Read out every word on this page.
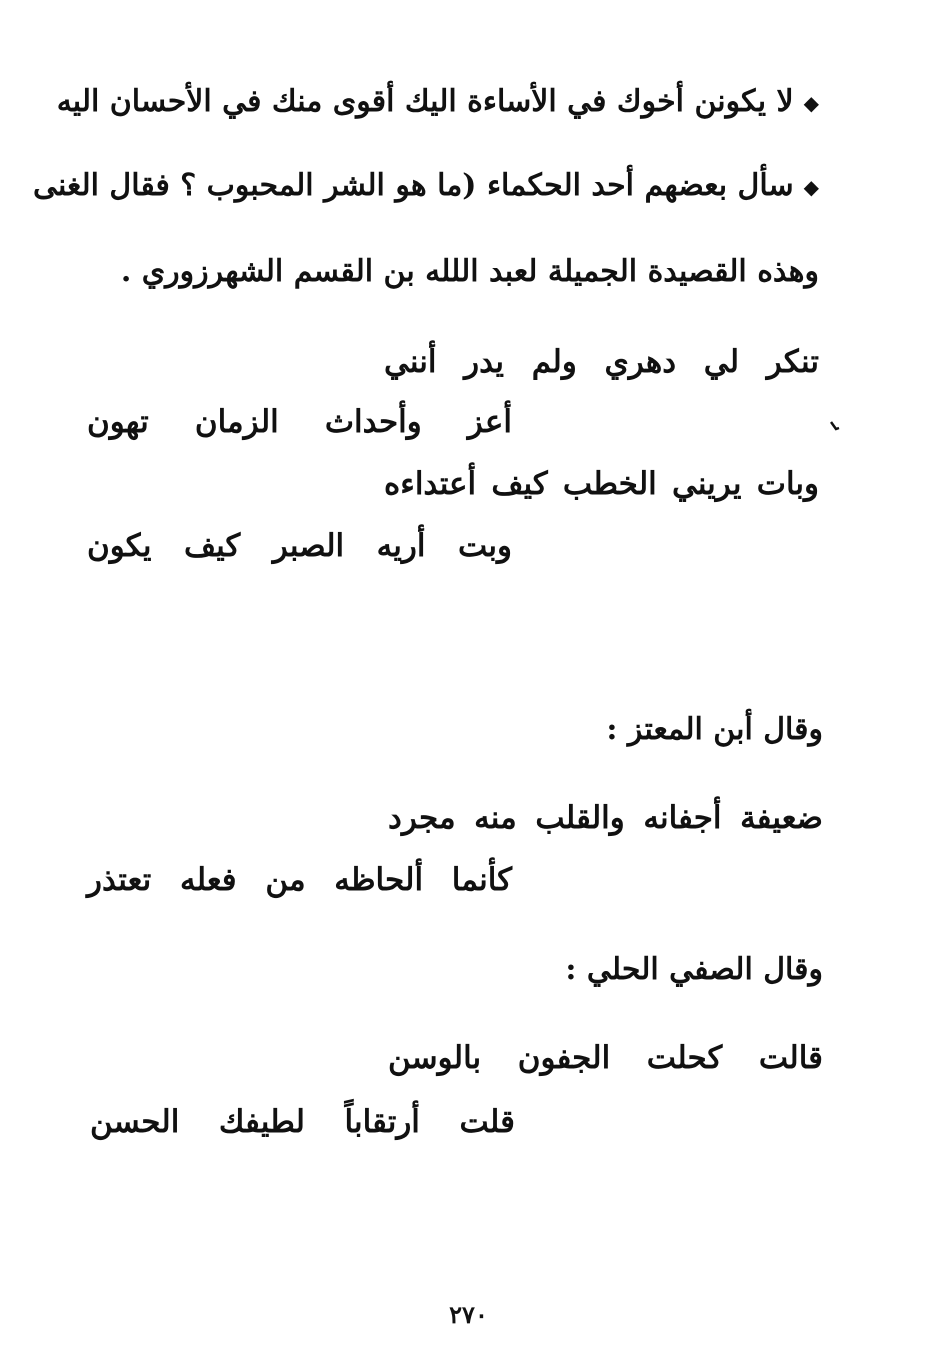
◆لا يكونن أخوك في الأساءة اليك أقوى منك في الأحسان اليه
◆سأل بعضهم أحد الحكماء (ما هو الشر المحبوب ؟ فقال الغنى
وهذه القصيدة الجميلة لعبد اللله بن القسم الشهرزوري .
تنكر
لي
دهري
ولم
يدر
أنني
أعز
وأحداث
الزمان
تهون
وبات
يريني
الخطب
كيف
أعتداءه
وبت
أريه
الصبر
كيف
يكون
وقال أبن المعتز :
ضعيفة
أجفانه
والقلب
منه
مجرد
كأنما
ألحاظه
من
فعله
تعتذر
وقال الصفي الحلي :
قالت
كحلت
الجفون
بالوسن
قلت
أرتقاباً
لطيفك
الحسن
٢٧٠
